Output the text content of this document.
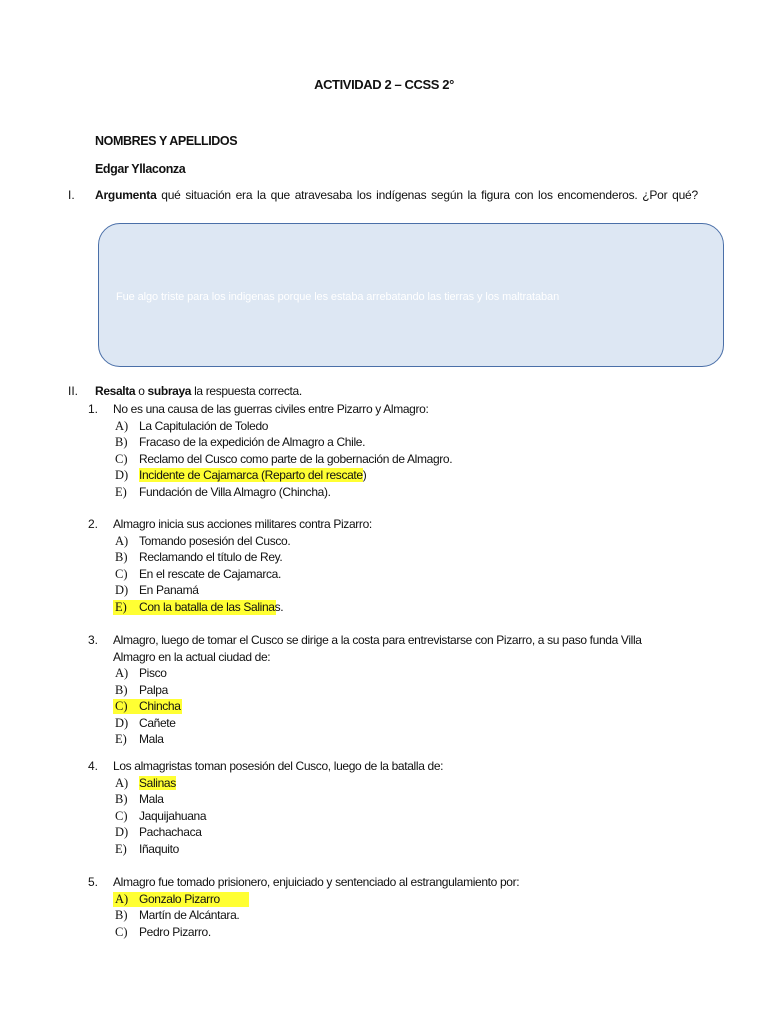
ACTIVIDAD 2 – CCSS 2°
NOMBRES Y APELLIDOS
Edgar Yllaconza
I. Argumenta qué situación era la que atravesaba los indígenas según la figura con los encomenderos. ¿Por qué?
Fue algo triste para los indigenas porque les estaba arrebatando las tierras y los maltrataban
II. Resalta o subraya la respuesta correcta.
1. No es una causa de las guerras civiles entre Pizarro y Almagro:
A) La Capitulación de Toledo
B) Fracaso de la expedición de Almagro a Chile.
C) Reclamo del Cusco como parte de la gobernación de Almagro.
D) Incidente de Cajamarca (Reparto del rescate)
E) Fundación de Villa Almagro (Chincha).
2. Almagro inicia sus acciones militares contra Pizarro:
A) Tomando posesión del Cusco.
B) Reclamando el título de Rey.
C) En el rescate de Cajamarca.
D) En Panamá
E) Con la batalla de las Salinas.
3. Almagro, luego de tomar el Cusco se dirige a la costa para entrevistarse con Pizarro, a su paso funda Villa
Almagro en la actual ciudad de:
A) Pisco
B) Palpa
C) Chincha
D) Cañete
E) Mala
4. Los almagristas toman posesión del Cusco, luego de la batalla de:
A) Salinas
B) Mala
C) Jaquijahuana
D) Pachachaca
E) Iñaquito
5. Almagro fue tomado prisionero, enjuiciado y sentenciado al estrangulamiento por:
A) Gonzalo Pizarro
B) Martín de Alcántara.
C) Pedro Pizarro.
